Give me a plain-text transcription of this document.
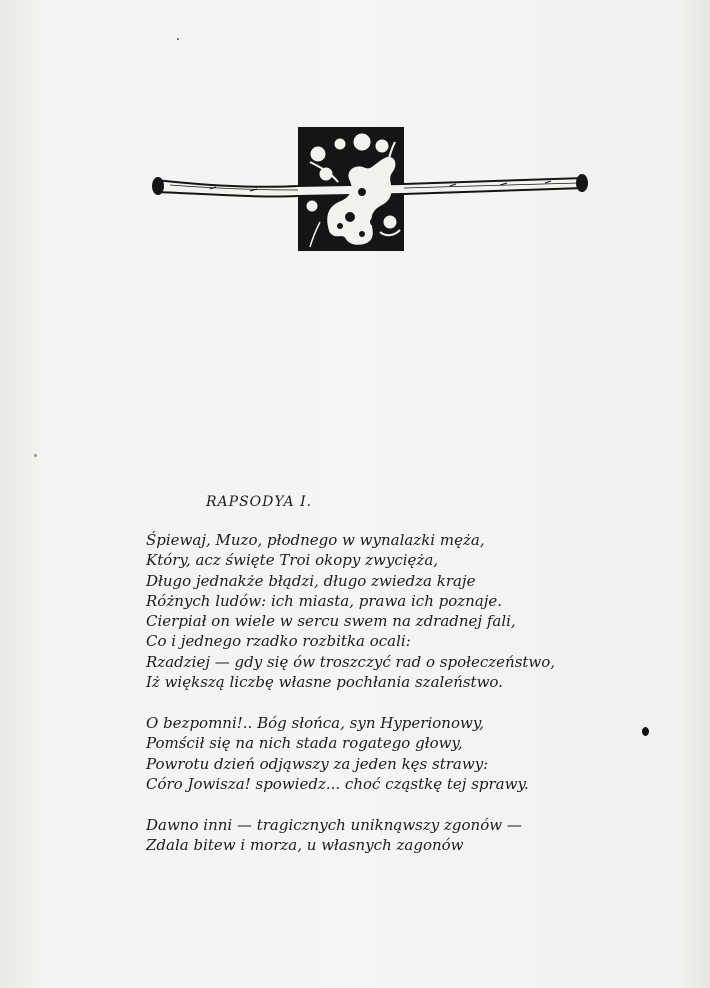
RAPSODYA I.
Śpiewaj, Muzo, płodnego w wynalazki męża,
Który, acz święte Troi okopy zwycięża,
Długo jednakże błądzi, długo zwiedza kraje
Różnych ludów: ich miasta, prawa ich poznaje.
Cierpiał on wiele w sercu swem na zdradnej fali,
Co i jednego rzadko rozbitka ocali:
Rzadziej — gdy się ów troszczyć rad o społeczeństwo,
Iż większą liczbę własne pochłania szaleństwo.
O bezpomni!.. Bóg słońca, syn Hyperionowy,
Pomścił się na nich stada rogatego głowy,
Powrotu dzień odjąwszy za jeden kęs strawy:
Córo Jowisza! spowiedz... choć cząstkę tej sprawy.
Dawno inni — tragicznych uniknąwszy zgonów —
Zdala bitew i morza, u własnych zagonów
